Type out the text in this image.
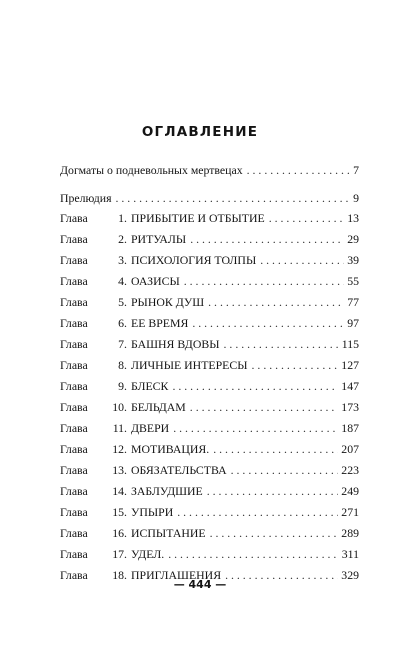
ОГЛАВЛЕНИЕ
Догматы о подневольных мертвецах . . .	7
Прелюдия . . .	9
Глава	1. ПРИБЫТИЕ И ОТБЫТИЕ . . .	13
Глава	2. РИТУАЛЫ . . .	29
Глава	3. ПСИХОЛОГИЯ ТОЛПЫ . . .	39
Глава	4. ОАЗИСЫ . . .	55
Глава	5. РЫНОК ДУШ . . .	77
Глава	6. ЕЕ ВРЕМЯ . . .	97
Глава	7. БАШНЯ ВДОВЫ . . .	115
Глава	8. ЛИЧНЫЕ ИНТЕРЕСЫ . . .	127
Глава	9. БЛЕСК . . .	147
Глава	10. БЕЛЬДАМ . . .	173
Глава	11. ДВЕРИ . . .	187
Глава	12. МОТИВАЦИЯ. . . .	207
Глава	13. ОБЯЗАТЕЛЬСТВА . . .	223
Глава	14. ЗАБЛУДШИЕ . . .	249
Глава	15. УПЫРИ . . .	271
Глава	16. ИСПЫТАНИЕ . . .	289
Глава	17. УДЕЛ. . . .	311
Глава	18. ПРИГЛАШЕНИЯ . . .	329
— 444 —
